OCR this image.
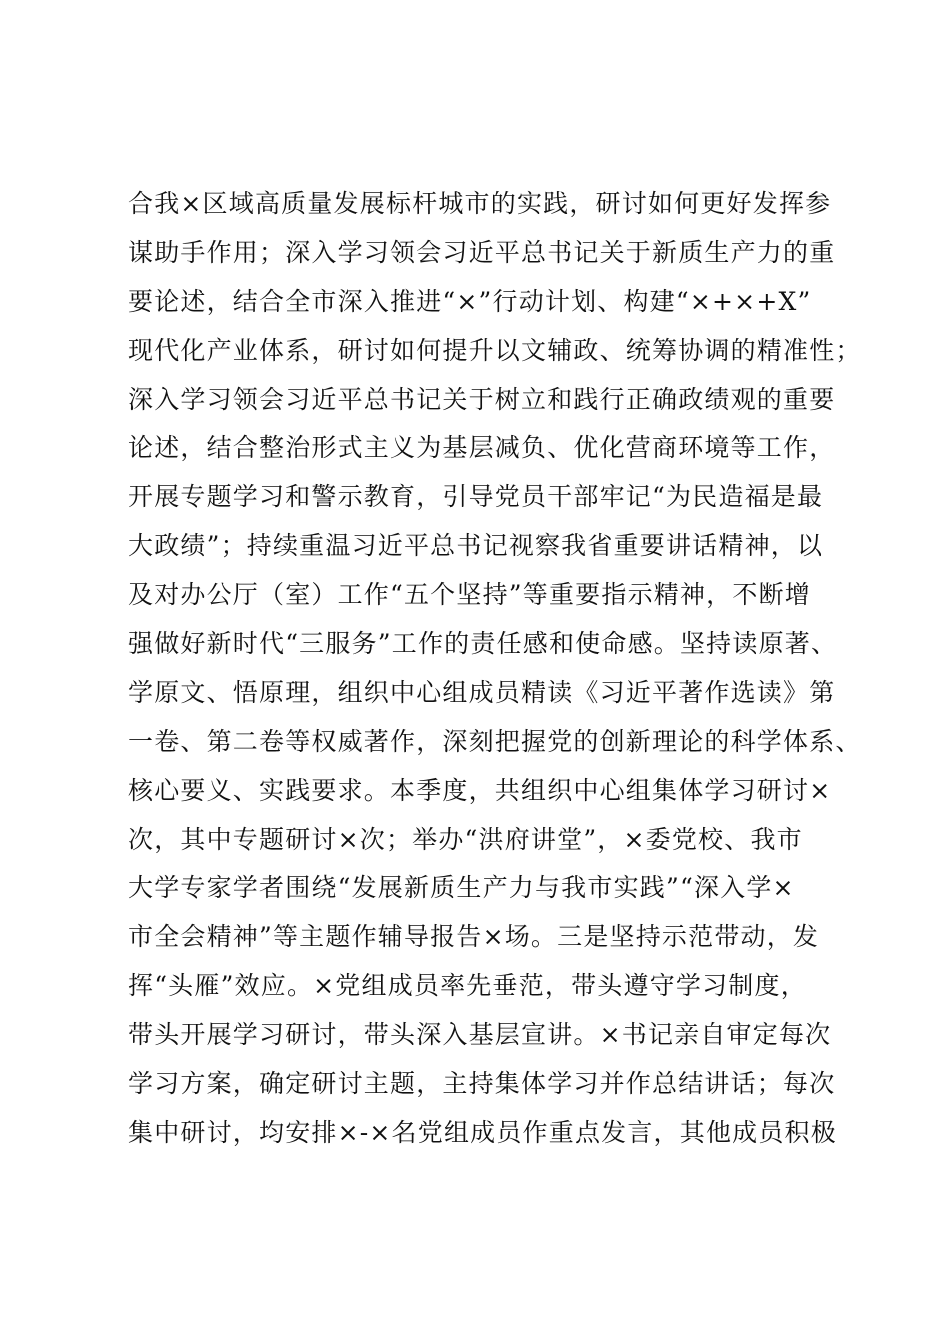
合我×区域高质量发展标杆城市的实践，研讨如何更好发挥参
谋助手作用；深入学习领会习近平总书记关于新质生产力的重
要论述，结合全市深入推进“×”行动计划、构建“×+×+X”
现代化产业体系，研讨如何提升以文辅政、统筹协调的精准性；
深入学习领会习近平总书记关于树立和践行正确政绩观的重要
论述，结合整治形式主义为基层减负、优化营商环境等工作，
开展专题学习和警示教育，引导党员干部牢记“为民造福是最
大政绩”；持续重温习近平总书记视察我省重要讲话精神，以
及对办公厅（室）工作“五个坚持”等重要指示精神，不断增
强做好新时代“三服务”工作的责任感和使命感。坚持读原著、
学原文、悟原理，组织中心组成员精读《习近平著作选读》第
一卷、第二卷等权威著作，深刻把握党的创新理论的科学体系、
核心要义、实践要求。本季度，共组织中心组集体学习研讨×
次，其中专题研讨×次；举办“洪府讲堂”，×委党校、我市
大学专家学者围绕“发展新质生产力与我市实践”“深入学×
市全会精神”等主题作辅导报告×场。三是坚持示范带动，发
挥“头雁”效应。×党组成员率先垂范，带头遵守学习制度，
带头开展学习研讨，带头深入基层宣讲。×书记亲自审定每次
学习方案，确定研讨主题，主持集体学习并作总结讲话；每次
集中研讨，均安排×-×名党组成员作重点发言，其他成员积极
